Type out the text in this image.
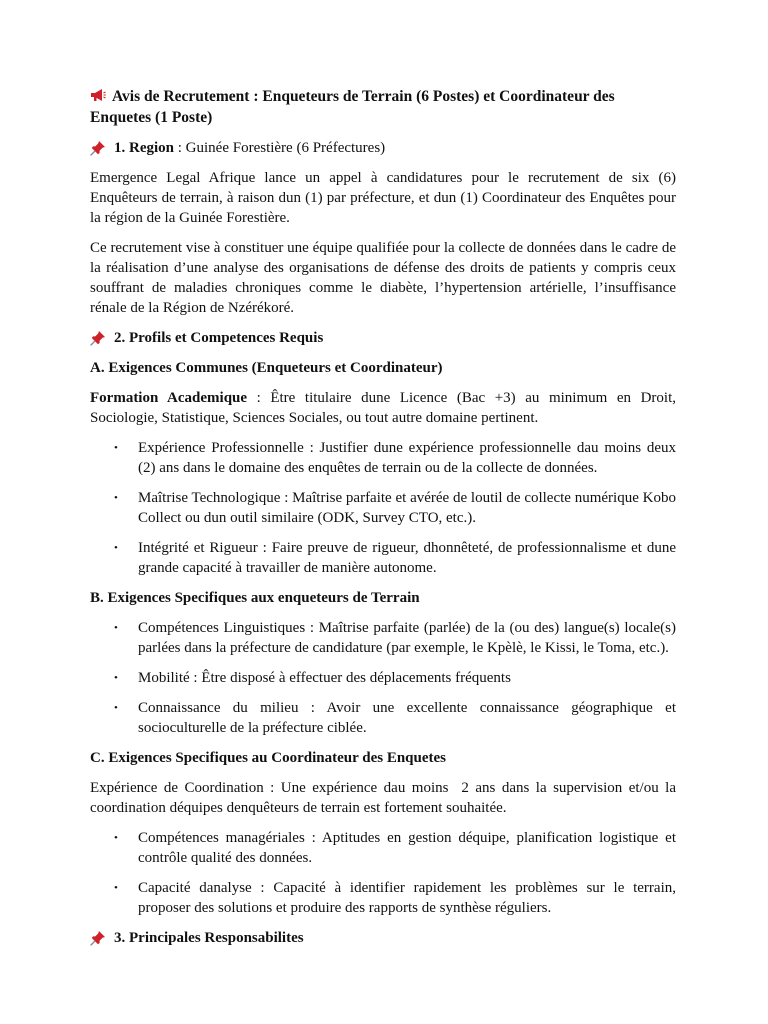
Avis de Recrutement : Enqueteurs de Terrain (6 Postes) et Coordinateur des Enquetes (1 Poste)
1.
Region : Guinée Forestière (6 Préfectures)

Emergence Legal Afrique lance un appel à candidatures pour le recrutement de six (6) Enquêteurs de terrain, à raison dun (1) par préfecture, et dun (1) Coordinateur des Enquêtes pour la région de la Guinée Forestière.

Ce recrutement vise à constituer une équipe qualifiée pour la collecte de données dans le cadre de la réalisation d’une analyse des organisations de défense des droits de patients y compris ceux souffrant de maladies chroniques comme le diabète, l’hypertension artérielle, l’insuffisance rénale de la Région de Nzérékoré.

2.
Profils et Competences Requis
A. Exigences Communes (Enqueteurs et Coordinateur)

Formation Academique : Être titulaire dune Licence (Bac +3) au minimum en Droit, Sociologie, Statistique, Sciences Sociales, ou tout autre domaine pertinent.

• Expérience Professionnelle : Justifier dune expérience professionnelle dau moins deux (2) ans dans le domaine des enquêtes de terrain ou de la collecte de données.
• Maîtrise Technologique : Maîtrise parfaite et avérée de loutil de collecte numérique Kobo Collect ou dun outil similaire (ODK, Survey CTO, etc.).
• Intégrité et Rigueur : Faire preuve de rigueur, dhonnêteté, de professionnalisme et dune grande capacité à travailler de manière autonome.
B. Exigences Specifiques aux enqueteurs de Terrain
• Compétences Linguistiques : Maîtrise parfaite (parlée) de la (ou des) langue(s) locale(s) parlées dans la préfecture de candidature (par exemple, le Kpèlè, le Kissi, le Toma, etc.).
• Mobilité : Être disposé à effectuer des déplacements fréquents
• Connaissance du milieu : Avoir une excellente connaissance géographique et socioculturelle de la préfecture ciblée.
C. Exigences Specifiques au Coordinateur des Enquetes

Expérience de Coordination : Une expérience dau moins  2 ans dans la supervision et/ou la coordination déquipes denquêteurs de terrain est fortement souhaitée.

• Compétences managériales : Aptitudes en gestion déquipe, planification logistique et contrôle qualité des données.
• Capacité danalyse : Capacité à identifier rapidement les problèmes sur le terrain, proposer des solutions et produire des rapports de synthèse réguliers.
3.
Principales Responsabilites
